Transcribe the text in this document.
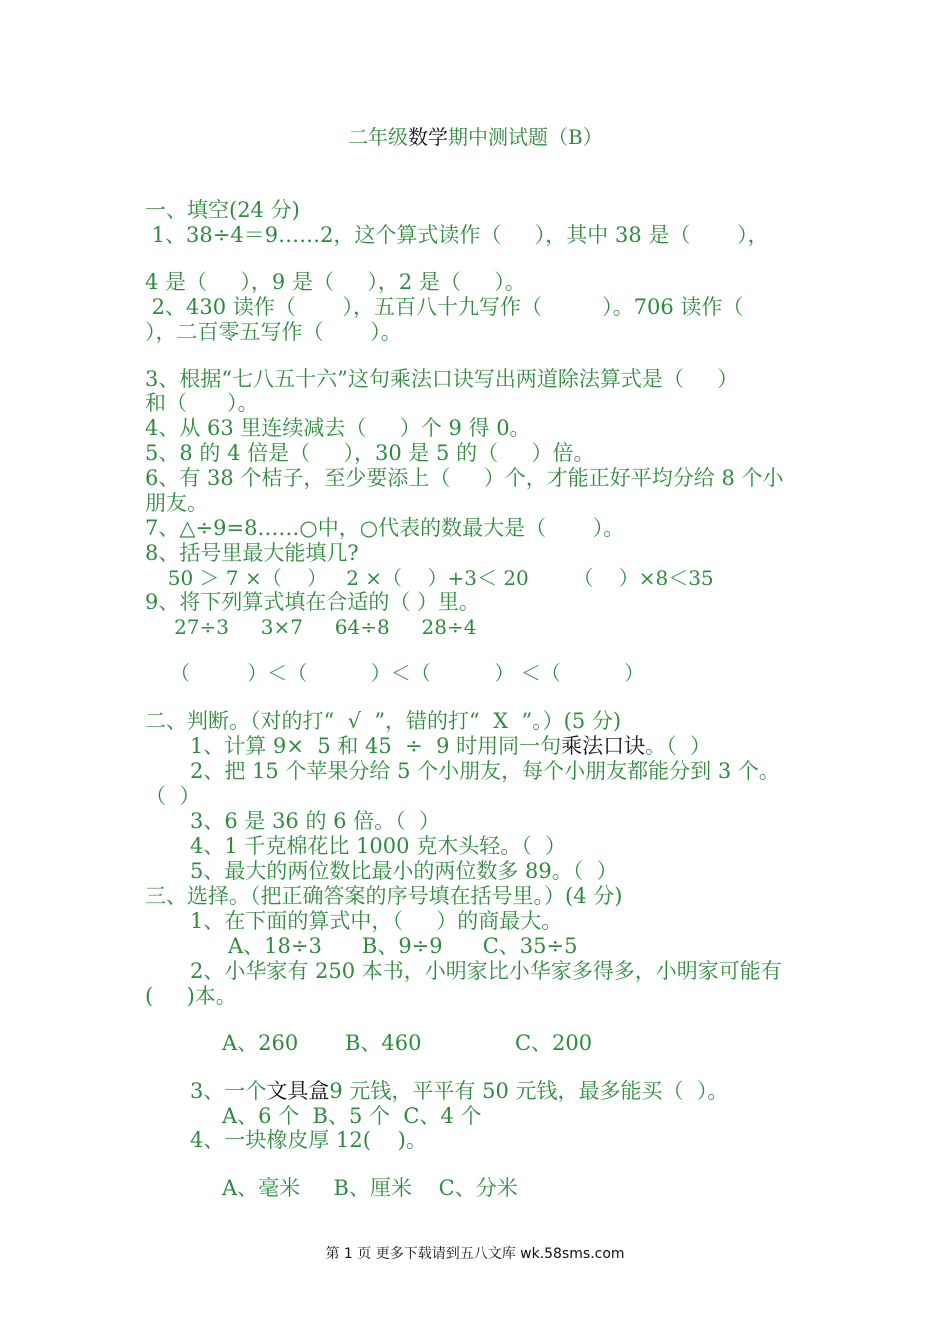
二年级数学期中测试题（B）
一、填空(24 分)
1、38÷4＝9……2，这个算式读作（     ），其中 38 是（       ），
4 是（     ），9 是（     ），2 是（     ）。
2、430 读作（       ），五百八十九写作（         ）。706 读作（
），二百零五写作（       ）。
3、根据“七八五十六”这句乘法口诀写出两道除法算式是（     ）
和（      ）。
4、从 63 里连续减去（     ）个 9 得 0。
5、8 的 4 倍是（     ），30 是 5 的（     ）倍。
6、有 38 个桔子，至少要添上（     ）个，才能正好平均分给 8 个小
朋友。
7、△÷9=8……○中，○代表的数最大是（       ）。
8、括号里最大能填几?
50 ＞ 7 ×（    ）   2 ×（    ）+3＜ 20       （    ）×8＜35
9、将下列算式填在合适的（ ）里。
27÷3     3×7     64÷8     28÷4
（         ）＜（          ）＜（          ） ＜（          ）
二、判断。（对的打“  √  ”，错的打“  X  ”。）(5 分)
1、计算 9×  5 和 45  ÷  9 时用同一句乘法口诀。（  ）
2、把 15 个苹果分给 5 个小朋友，每个小朋友都能分到 3 个。
（  ）
3、6 是 36 的 6 倍。（  ）
4、1 千克棉花比 1000 克木头轻。（  ）
5、最大的两位数比最小的两位数多 89。（  ）
三、选择。（把正确答案的序号填在括号里。）(4 分)
1、在下面的算式中，（     ）的商最大。
A、18÷3      B、9÷9      C、35÷5
2、小华家有 250 本书，小明家比小华家多得多，小明家可能有
(     )本。
A、260       B、460              C、200
3、一个文具盒9 元钱，平平有 50 元钱，最多能买（  ）。
A、6 个  B、5 个  C、4 个
4、一块橡皮厚 12(    )。
A、毫米     B、厘米    C、分米
第 1 页 更多下载请到五八文库 wk.58sms.com
